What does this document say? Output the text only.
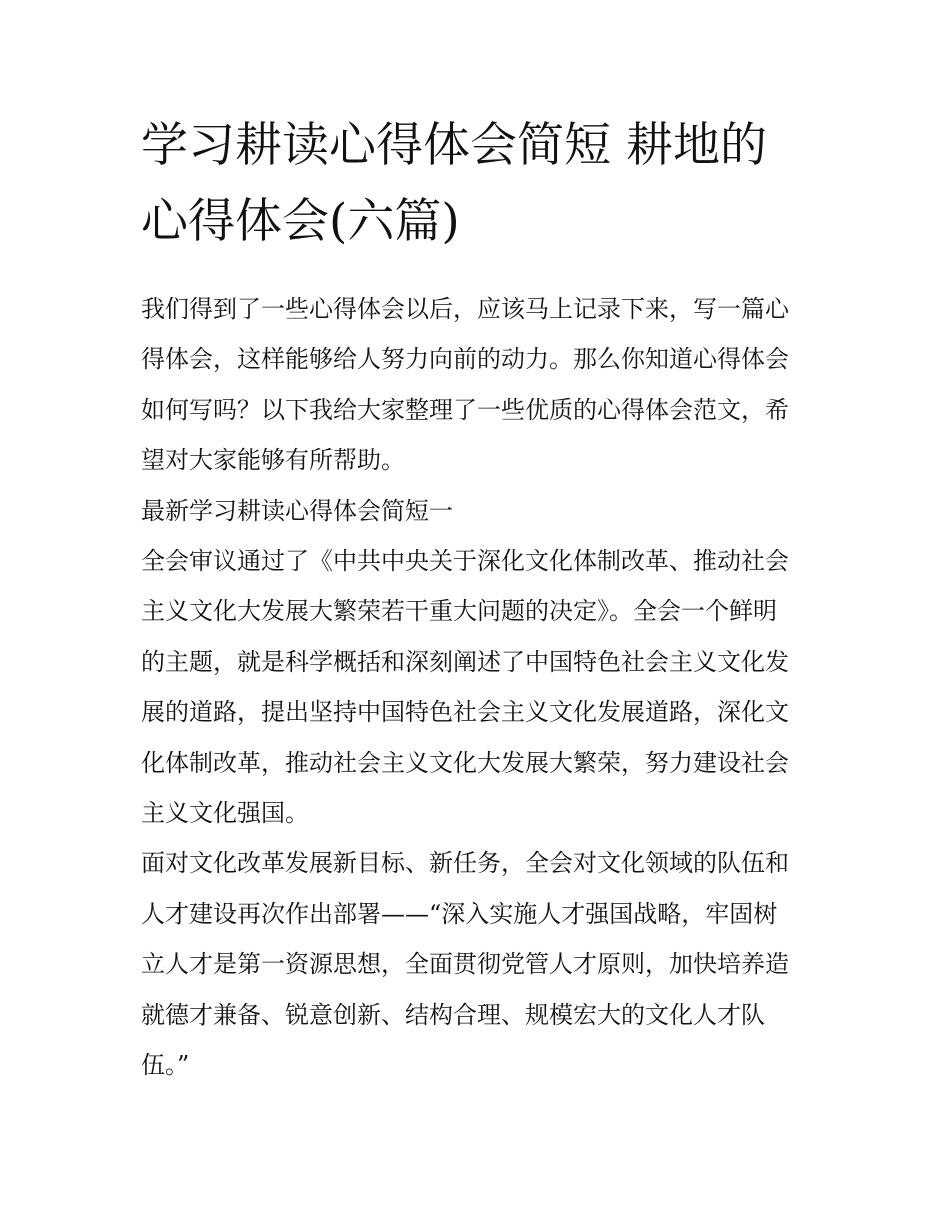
学习耕读心得体会简短 耕地的
心得体会(六篇)

我们得到了一些心得体会以后，应该马上记录下来，写一篇心
得体会，这样能够给人努力向前的动力。那么你知道心得体会
如何写吗？以下我给大家整理了一些优质的心得体会范文，希
望对大家能够有所帮助。

最新学习耕读心得体会简短一

全会审议通过了《中共中央关于深化文化体制改革、推动社会
主义文化大发展大繁荣若干重大问题的决定》。全会一个鲜明
的主题，就是科学概括和深刻阐述了中国特色社会主义文化发
展的道路，提出坚持中国特色社会主义文化发展道路，深化文
化体制改革，推动社会主义文化大发展大繁荣，努力建设社会
主义文化强国。

面对文化改革发展新目标、新任务，全会对文化领域的队伍和
人才建设再次作出部署——“深入实施人才强国战略，牢固树
立人才是第一资源思想，全面贯彻党管人才原则，加快培养造
就德才兼备、锐意创新、结构合理、规模宏大的文化人才队
伍。”
